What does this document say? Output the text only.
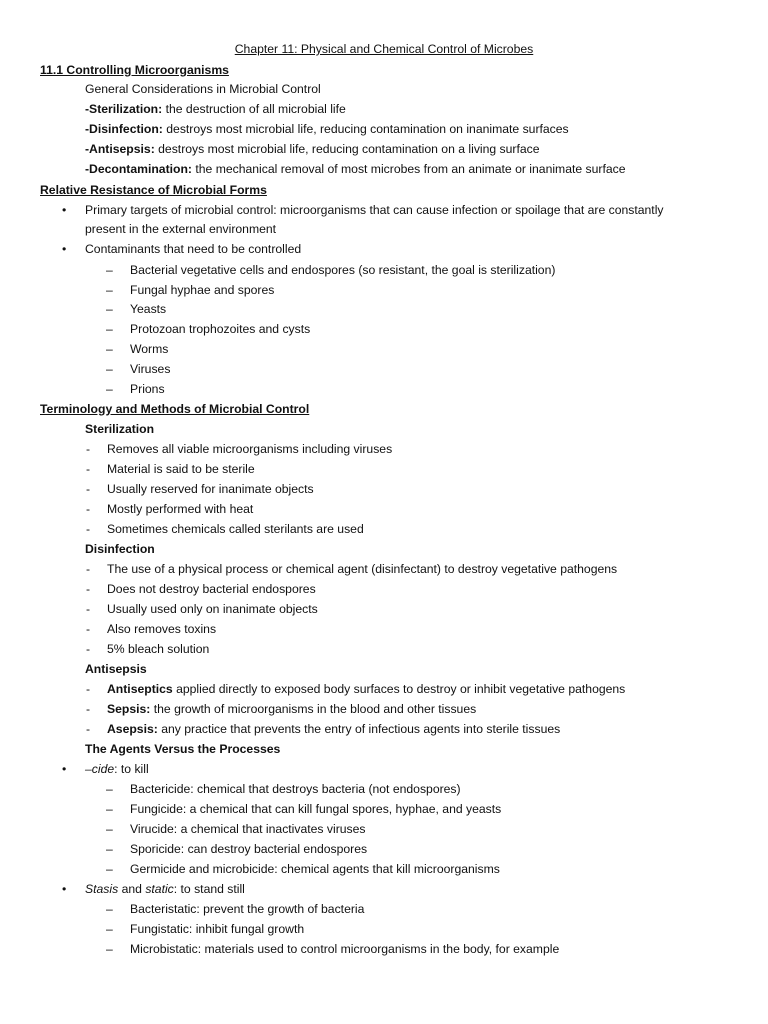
Chapter 11: Physical and Chemical Control of Microbes
11.1 Controlling Microorganisms
General Considerations in Microbial Control
-Sterilization: the destruction of all microbial life
-Disinfection: destroys most microbial life, reducing contamination on inanimate surfaces
-Antisepsis: destroys most microbial life, reducing contamination on a living surface
-Decontamination: the mechanical removal of most microbes from an animate or inanimate surface
Relative Resistance of Microbial Forms
• Primary targets of microbial control: microorganisms that can cause infection or spoilage that are constantly
present in the external environment
• Contaminants that need to be controlled
– Bacterial vegetative cells and endospores (so resistant, the goal is sterilization)
– Fungal hyphae and spores
– Yeasts
– Protozoan trophozoites and cysts
– Worms
– Viruses
– Prions
Terminology and Methods of Microbial Control
Sterilization
- Removes all viable microorganisms including viruses
- Material is said to be sterile
- Usually reserved for inanimate objects
- Mostly performed with heat
- Sometimes chemicals called sterilants are used
Disinfection
- The use of a physical process or chemical agent (disinfectant) to destroy vegetative pathogens
- Does not destroy bacterial endospores
- Usually used only on inanimate objects
- Also removes toxins
- 5% bleach solution
Antisepsis
- Antiseptics applied directly to exposed body surfaces to destroy or inhibit vegetative pathogens
- Sepsis: the growth of microorganisms in the blood and other tissues
- Asepsis: any practice that prevents the entry of infectious agents into sterile tissues
The Agents Versus the Processes
• –cide: to kill
– Bactericide: chemical that destroys bacteria (not endospores)
– Fungicide: a chemical that can kill fungal spores, hyphae, and yeasts
– Virucide: a chemical that inactivates viruses
– Sporicide: can destroy bacterial endospores
– Germicide and microbicide: chemical agents that kill microorganisms
• Stasis and static: to stand still
– Bacteristatic: prevent the growth of bacteria
– Fungistatic: inhibit fungal growth
– Microbistatic: materials used to control microorganisms in the body, for example
